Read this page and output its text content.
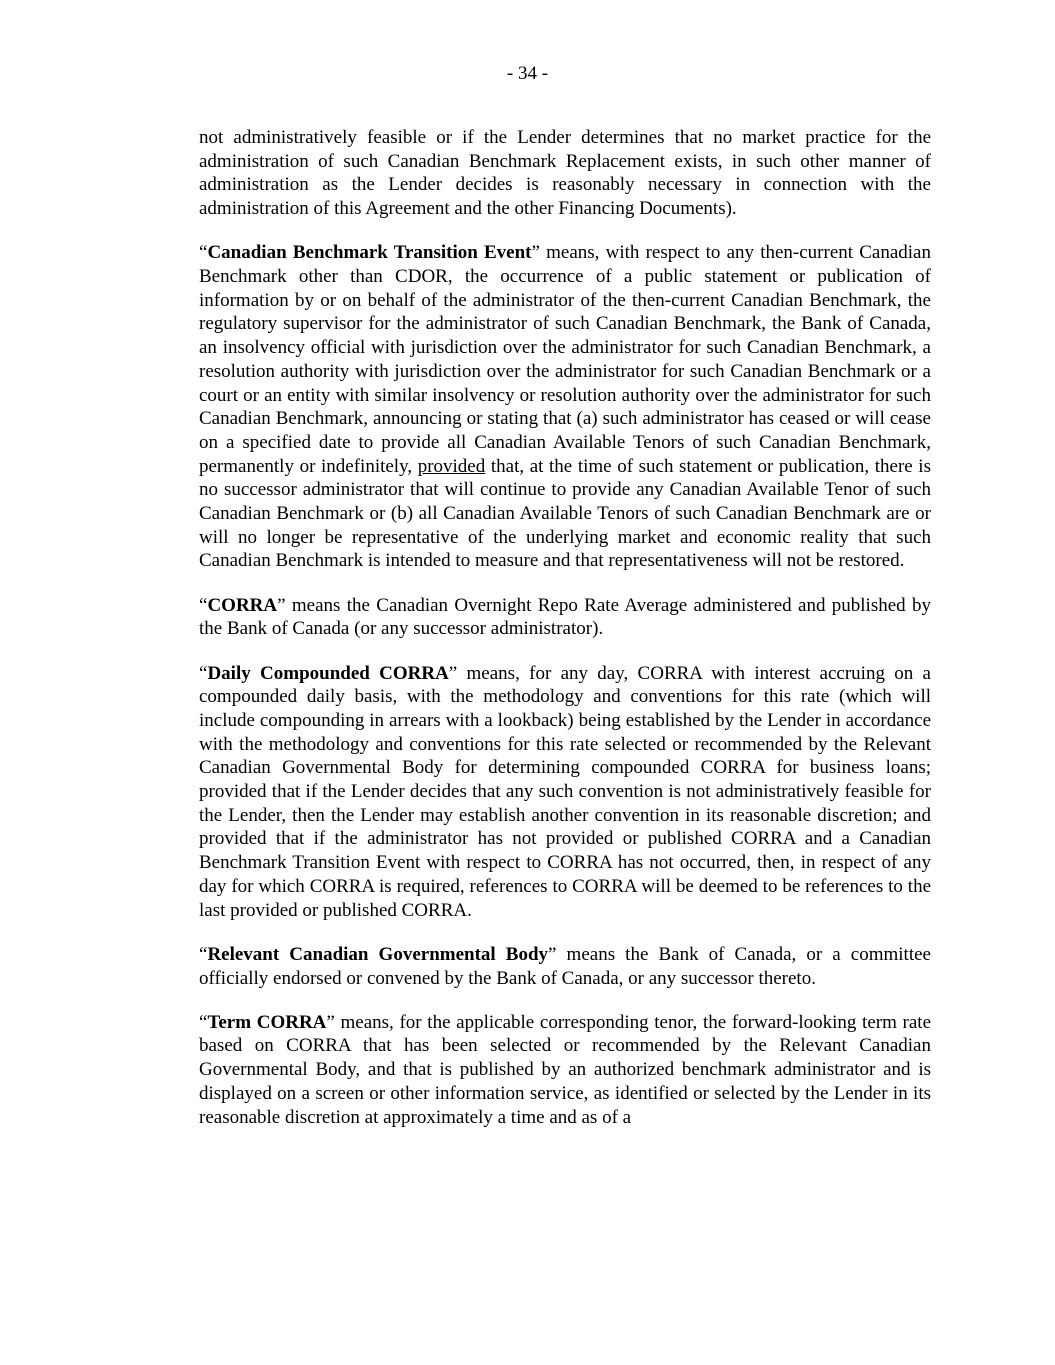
- 34 -

not administratively feasible or if the Lender determines that no market practice for the administration of such Canadian Benchmark Replacement exists, in such other manner of administration as the Lender decides is reasonably necessary in connection with the administration of this Agreement and the other Financing Documents).

“Canadian Benchmark Transition Event” means, with respect to any then-current Canadian Benchmark other than CDOR, the occurrence of a public statement or publication of information by or on behalf of the administrator of the then-current Canadian Benchmark, the regulatory supervisor for the administrator of such Canadian Benchmark, the Bank of Canada, an insolvency official with jurisdiction over the administrator for such Canadian Benchmark, a resolution authority with jurisdiction over the administrator for such Canadian Benchmark or a court or an entity with similar insolvency or resolution authority over the administrator for such Canadian Benchmark, announcing or stating that (a) such administrator has ceased or will cease on a specified date to provide all Canadian Available Tenors of such Canadian Benchmark, permanently or indefinitely, provided that, at the time of such statement or publication, there is no successor administrator that will continue to provide any Canadian Available Tenor of such Canadian Benchmark or (b) all Canadian Available Tenors of such Canadian Benchmark are or will no longer be representative of the underlying market and economic reality that such Canadian Benchmark is intended to measure and that representativeness will not be restored.

“CORRA” means the Canadian Overnight Repo Rate Average administered and published by the Bank of Canada (or any successor administrator).

“Daily Compounded CORRA” means, for any day, CORRA with interest accruing on a compounded daily basis, with the methodology and conventions for this rate (which will include compounding in arrears with a lookback) being established by the Lender in accordance with the methodology and conventions for this rate selected or recommended by the Relevant Canadian Governmental Body for determining compounded CORRA for business loans; provided that if the Lender decides that any such convention is not administratively feasible for the Lender, then the Lender may establish another convention in its reasonable discretion; and provided that if the administrator has not provided or published CORRA and a Canadian Benchmark Transition Event with respect to CORRA has not occurred, then, in respect of any day for which CORRA is required, references to CORRA will be deemed to be references to the last provided or published CORRA.

“Relevant Canadian Governmental Body” means the Bank of Canada, or a committee officially endorsed or convened by the Bank of Canada, or any successor thereto.

“Term CORRA” means, for the applicable corresponding tenor, the forward-looking term rate based on CORRA that has been selected or recommended by the Relevant Canadian Governmental Body, and that is published by an authorized benchmark administrator and is displayed on a screen or other information service, as identified or selected by the Lender in its reasonable discretion at approximately a time and as of a
